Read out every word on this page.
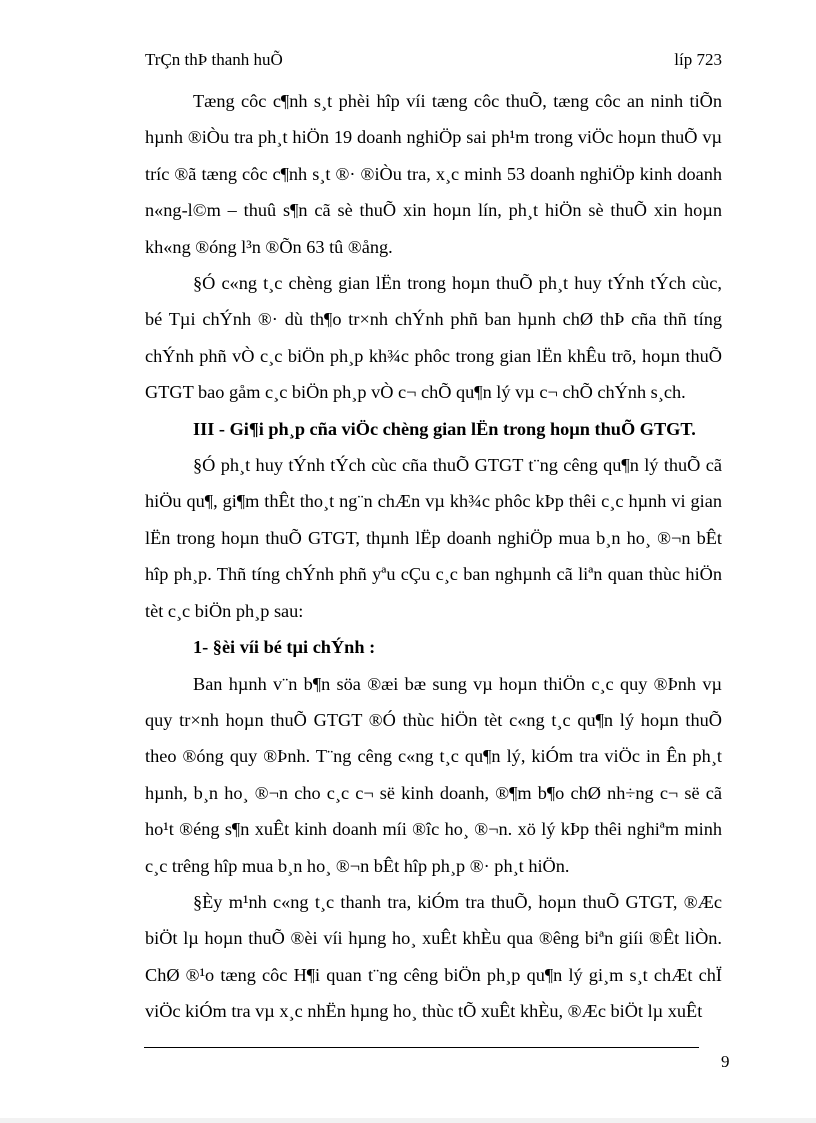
TrÇn thÞ thanh huÕ	líp 723

Tæng côc c¶nh s¸t phèi hîp víi tæng côc thuÕ, tæng côc an ninh tiÕn hµnh ®iÒu tra ph¸t hiÖn 19 doanh nghiÖp sai ph¹m trong viÖc hoµn thuÕ vµ tríc ®ã tæng côc c¶nh s¸t ®· ®iÒu tra, x¸c minh 53 doanh nghiÖp kinh doanh n«ng-l©m – thuû s¶n cã sè thuÕ xin hoµn lín, ph¸t hiÖn sè thuÕ xin hoµn kh«ng ®óng l³n ®Õn 63 tû ®ång.

§Ó c«ng t¸c chèng gian lËn trong hoµn thuÕ ph¸t huy tÝnh tÝch cùc, bé Tµi chÝnh ®· dù th¶o tr×nh chÝnh phñ ban hµnh chØ thÞ cña thñ tíng chÝnh phñ vÒ c¸c biÖn ph¸p kh¾c phôc trong gian lËn khÊu trõ, hoµn thuÕ GTGT bao gåm c¸c biÖn ph¸p vÒ c¬ chÕ qu¶n lý vµ c¬ chÕ chÝnh s¸ch.

III - Gi¶i ph¸p cña viÖc chèng gian lËn trong hoµn thuÕ GTGT.

§Ó ph¸t huy tÝnh tÝch cùc cña thuÕ GTGT t¨ng cêng qu¶n lý thuÕ cã hiÖu qu¶, gi¶m thÊt tho¸t ng¨n chÆn vµ kh¾c phôc kÞp thêi c¸c hµnh vi gian lËn trong hoµn thuÕ GTGT, thµnh lËp doanh nghiÖp mua b¸n ho¸ ®¬n bÊt hîp ph¸p. Thñ tíng chÝnh phñ yªu cÇu c¸c ban nghµnh cã liªn quan thùc hiÖn tèt c¸c biÖn ph¸p sau:

1- §èi víi bé tµi chÝnh :

Ban hµnh v¨n b¶n söa ®æi bæ sung vµ hoµn thiÖn c¸c quy ®Þnh vµ quy tr×nh hoµn thuÕ GTGT ®Ó thùc hiÖn tèt c«ng t¸c qu¶n lý hoµn thuÕ theo ®óng quy ®Þnh. T¨ng cêng c«ng t¸c qu¶n lý, kiÓm tra viÖc in Ên ph¸t hµnh, b¸n ho¸ ®¬n cho c¸c c¬ së kinh doanh, ®¶m b¶o chØ nh÷ng c¬ së cã ho¹t ®éng s¶n xuÊt kinh doanh míi ®îc ho¸ ®¬n. xö lý kÞp thêi nghiªm minh c¸c trêng hîp mua b¸n ho¸ ®¬n bÊt hîp ph¸p ®· ph¸t hiÖn.

§Èy m¹nh c«ng t¸c thanh tra, kiÓm tra thuÕ, hoµn thuÕ GTGT, ®Æc biÖt lµ hoµn thuÕ ®èi víi hµng ho¸ xuÊt khÈu qua ®êng biªn giíi ®Êt liÒn. ChØ ®¹o tæng côc H¶i quan t¨ng cêng biÖn ph¸p qu¶n lý gi¸m s¸t chÆt chÏ viÖc kiÓm tra vµ x¸c nhËn hµng ho¸ thùc tÕ xuÊt khÈu, ®Æc biÖt lµ xuÊt

9
